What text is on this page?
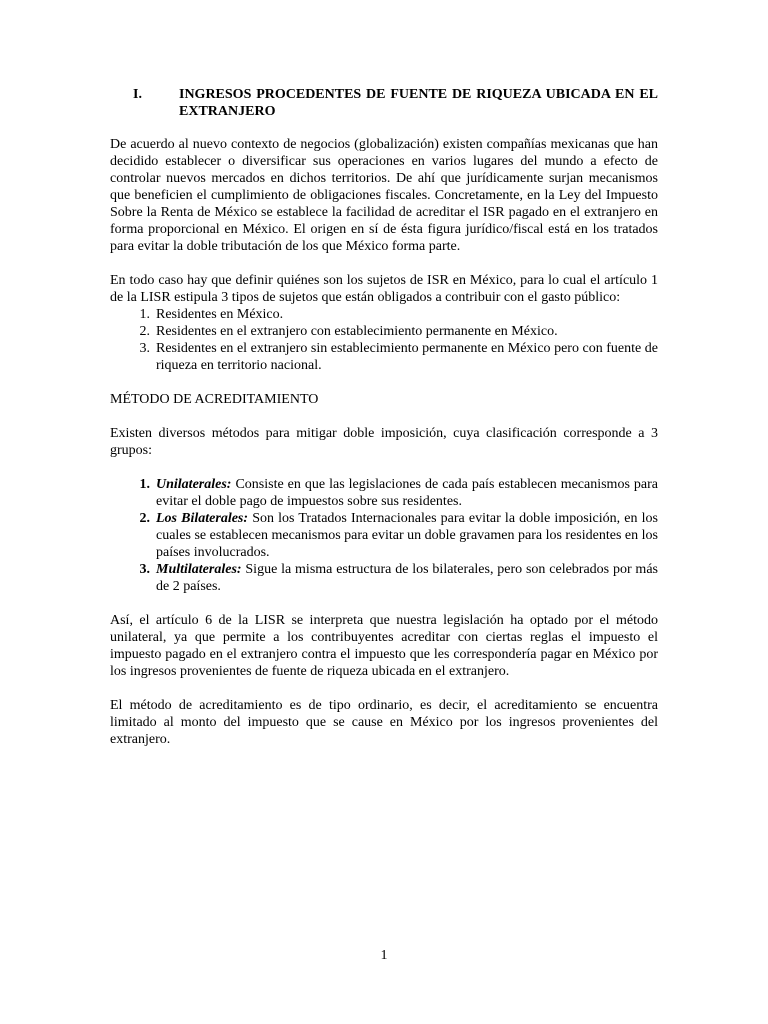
I.	INGRESOS PROCEDENTES DE FUENTE DE RIQUEZA UBICADA EN EL EXTRANJERO

De acuerdo al nuevo contexto de negocios (globalización) existen compañías mexicanas que han decidido establecer o diversificar sus operaciones en varios lugares del mundo a efecto de controlar nuevos mercados en dichos territorios. De ahí que jurídicamente surjan mecanismos que beneficien el cumplimiento de obligaciones fiscales. Concretamente, en la Ley del Impuesto Sobre la Renta de México se establece la facilidad de acreditar el ISR pagado en el extranjero en forma proporcional en México. El origen en sí de ésta figura jurídico/fiscal está en los tratados para evitar la doble tributación de los que México forma parte.

En todo caso hay que definir quiénes son los sujetos de ISR en México, para lo cual el artículo 1 de la LISR estipula 3 tipos de sujetos que están obligados a contribuir con el gasto público:

1. Residentes en México.
2. Residentes en el extranjero con establecimiento permanente en México.
3. Residentes en el extranjero sin establecimiento permanente en México pero con fuente de riqueza en territorio nacional.

MÉTODO DE ACREDITAMIENTO

Existen diversos métodos para mitigar doble imposición, cuya clasificación corresponde a 3 grupos:

1. Unilaterales: Consiste en que las legislaciones de cada país establecen mecanismos para evitar el doble pago de impuestos sobre sus residentes.
2. Los Bilaterales: Son los Tratados Internacionales para evitar la doble imposición, en los cuales se establecen mecanismos para evitar un doble gravamen para los residentes en los países involucrados.
3. Multilaterales: Sigue la misma estructura de los bilaterales, pero son celebrados por más de 2 países.

Así, el artículo 6 de la LISR se interpreta que nuestra legislación ha optado por el método unilateral, ya que permite a los contribuyentes acreditar con ciertas reglas el impuesto el impuesto pagado en el extranjero contra el impuesto que les correspondería pagar en México por los ingresos provenientes de fuente de riqueza ubicada en el extranjero.

El método de acreditamiento es de tipo ordinario, es decir, el acreditamiento se encuentra limitado al monto del impuesto que se cause en México por los ingresos provenientes del extranjero.

1
